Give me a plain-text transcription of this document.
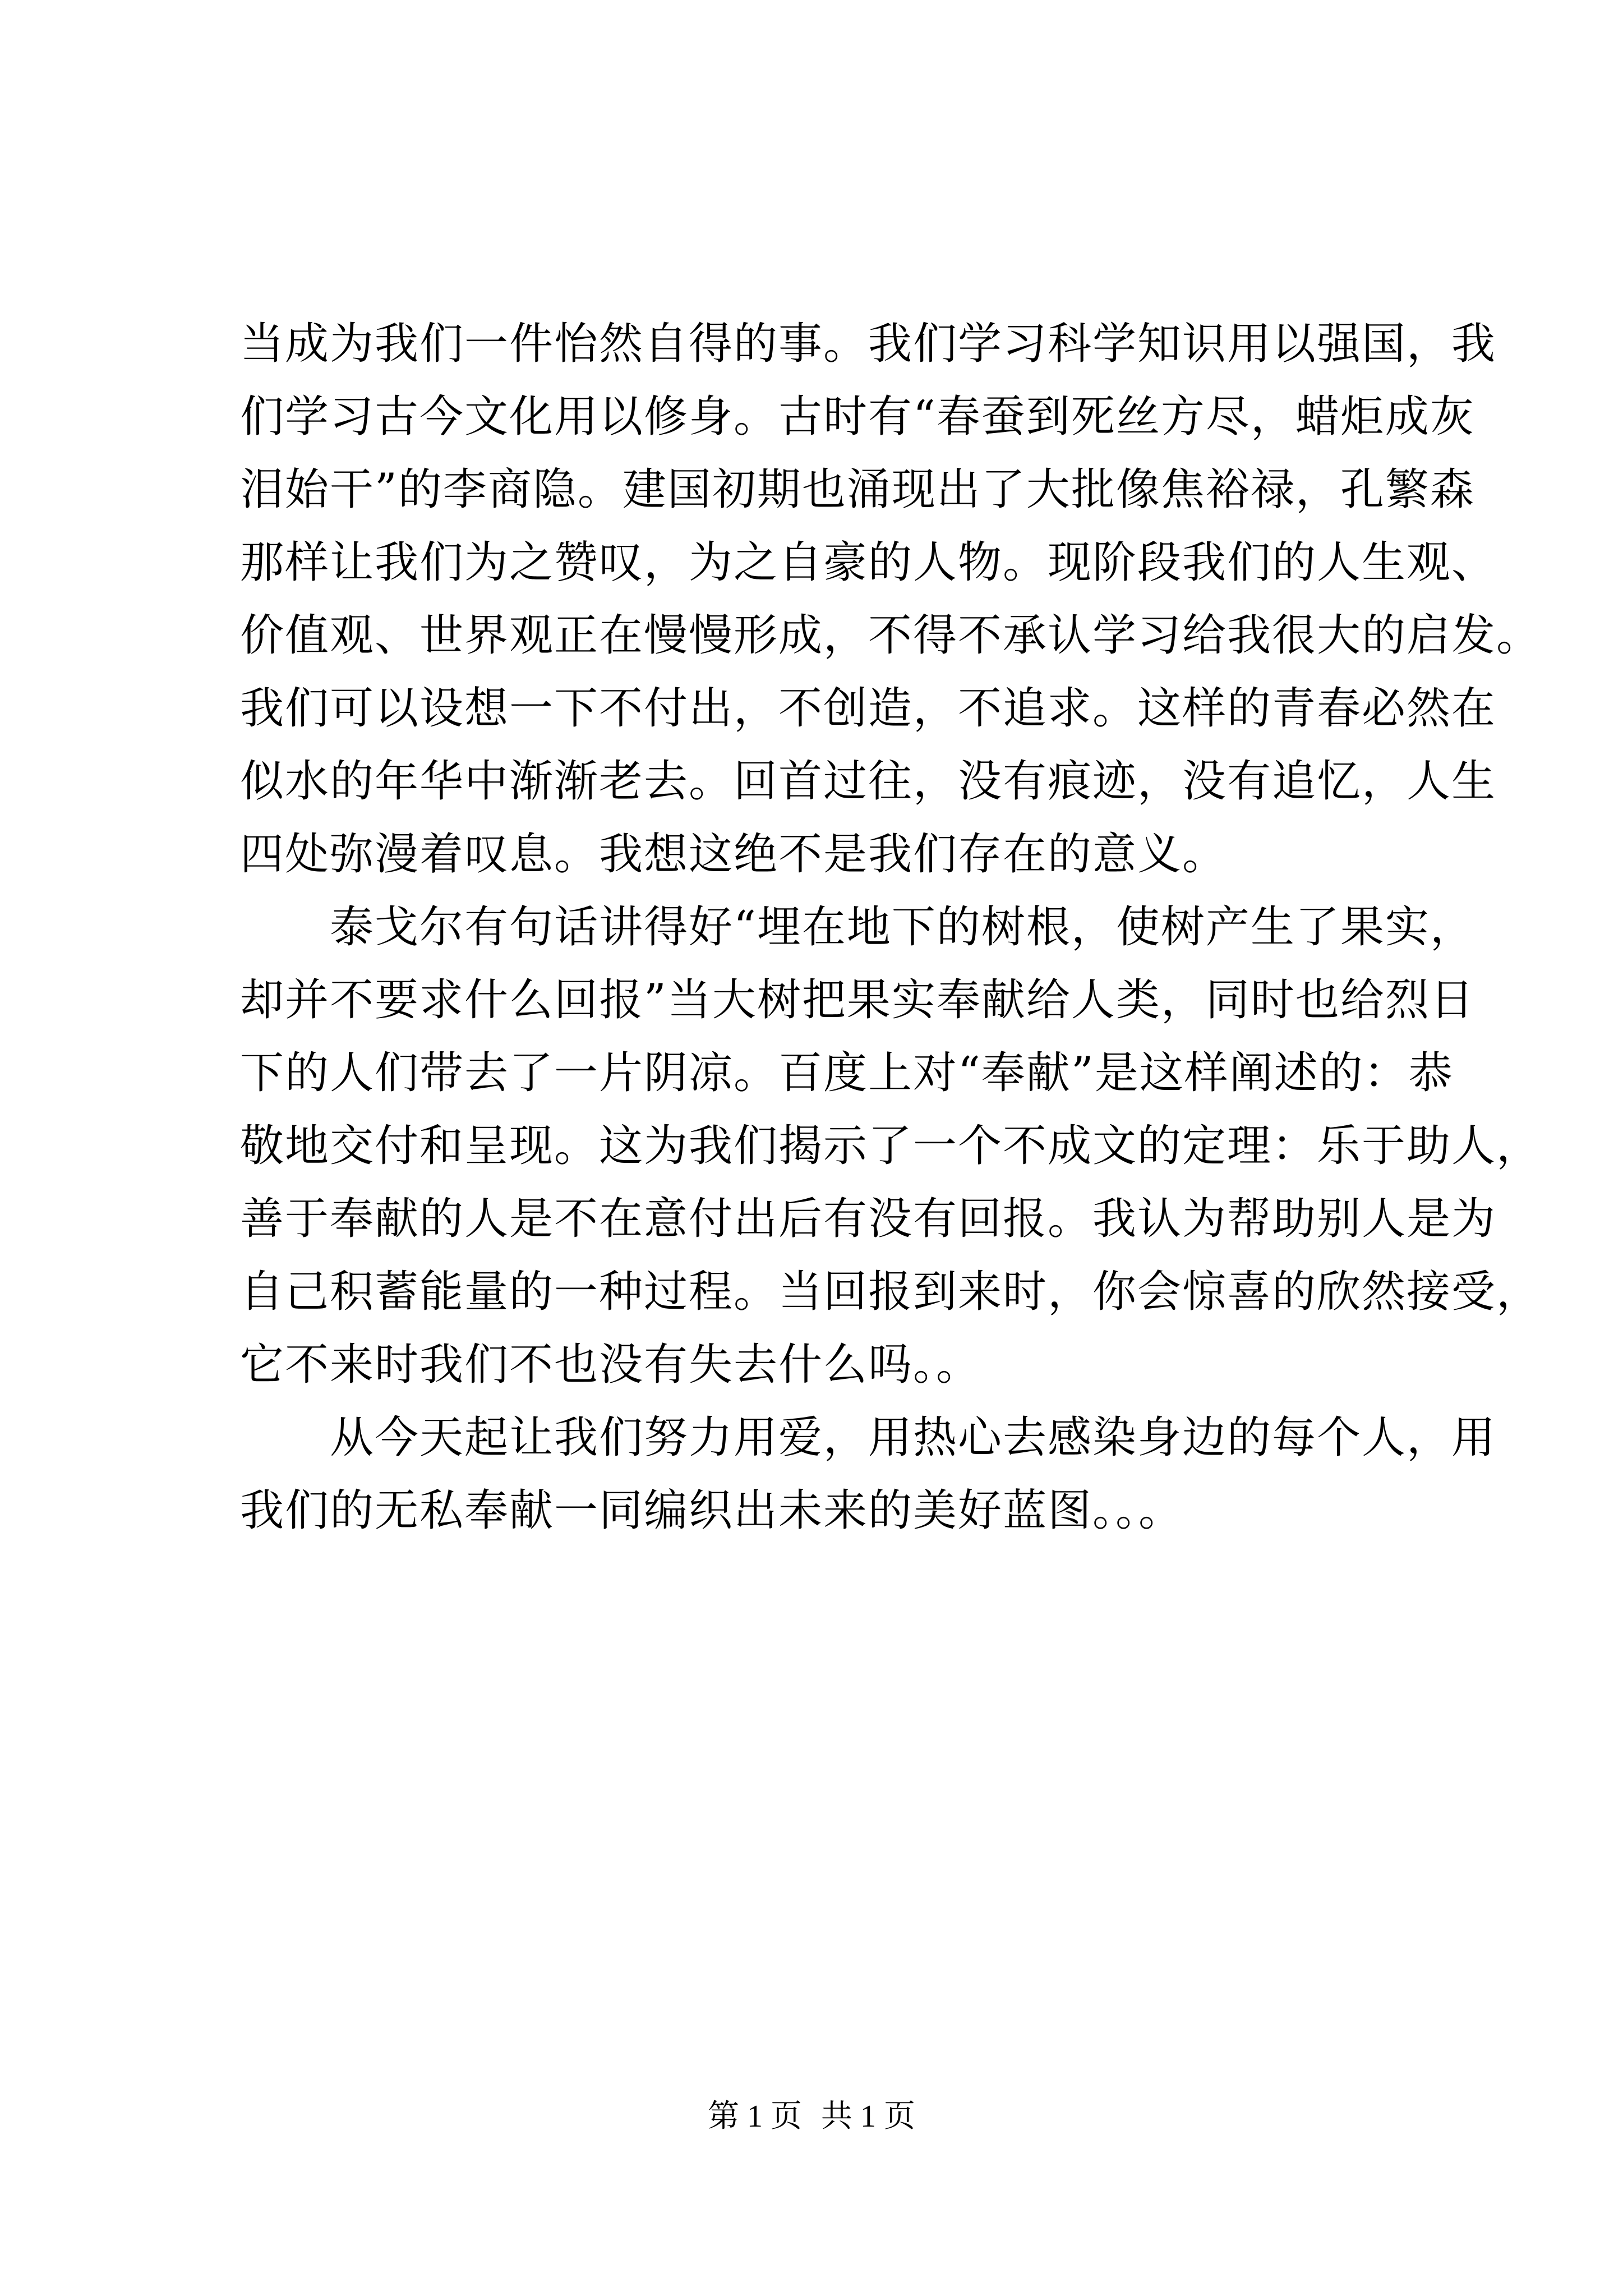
当成为我们一件怡然自得的事。我们学习科学知识用以强国，我
们学习古今文化用以修身。古时有“春蚕到死丝方尽，蜡炬成灰
泪始干”的李商隐。建国初期也涌现出了大批像焦裕禄，孔繁森
那样让我们为之赞叹，为之自豪的人物。现阶段我们的人生观、
价值观、世界观正在慢慢形成，不得不承认学习给我很大的启发。
我们可以设想一下不付出，不创造，不追求。这样的青春必然在
似水的年华中渐渐老去。回首过往，没有痕迹，没有追忆，人生
四处弥漫着叹息。我想这绝不是我们存在的意义。
泰戈尔有句话讲得好“埋在地下的树根，使树产生了果实，
却并不要求什么回报”当大树把果实奉献给人类，同时也给烈日
下的人们带去了一片阴凉。百度上对“奉献”是这样阐述的：恭
敬地交付和呈现。这为我们揭示了一个不成文的定理：乐于助人，
善于奉献的人是不在意付出后有没有回报。我认为帮助别人是为
自己积蓄能量的一种过程。当回报到来时，你会惊喜的欣然接受，
它不来时我们不也没有失去什么吗。。
从今天起让我们努力用爱，用热心去感染身边的每个人，用
我们的无私奉献一同编织出未来的美好蓝图。。。
第 1 页 共 1 页
